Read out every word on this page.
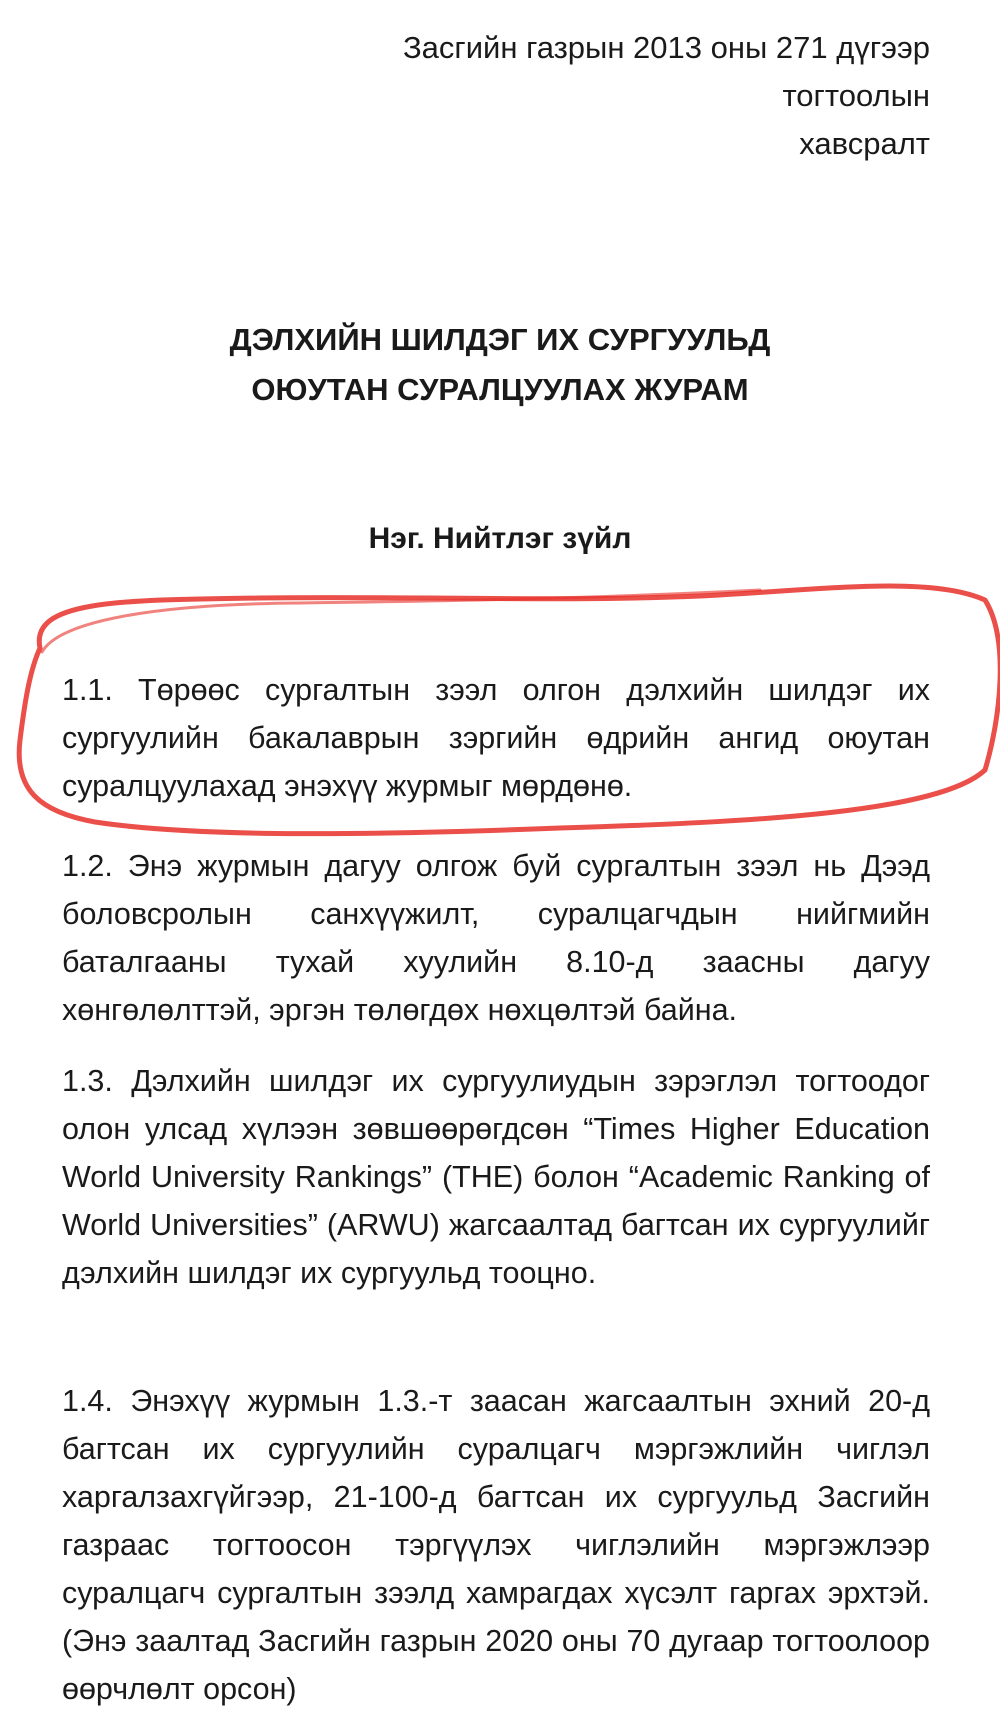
Засгийн газрын 2013 оны 271 дүгээр
тогтоолын
хавсралт
ДЭЛХИЙН ШИЛДЭГ ИХ СУРГУУЛЬД
ОЮУТАН СУРАЛЦУУЛАХ ЖУРАМ
Нэг. Нийтлэг зүйл
1.1. Төрөөс сургалтын зээл олгон дэлхийн шилдэг их сургуулийн бакалаврын зэргийн өдрийн ангид оюутан суралцуулахад энэхүү журмыг мөрдөнө.
1.2. Энэ журмын дагуу олгож буй сургалтын зээл нь Дээд боловсролын санхүүжилт, суралцагчдын нийгмийн баталгааны тухай хуулийн 8.10-д заасны дагуу хөнгөлөлттэй, эргэн төлөгдөх нөхцөлтэй байна.
1.3. Дэлхийн шилдэг их сургуулиудын зэрэглэл тогтоодог олон улсад хүлээн зөвшөөрөгдсөн “Times Higher Education World University Rankings” (THE) болон “Academic Ranking of World Universities” (ARWU) жагсаалтад багтсан их сургуулийг дэлхийн шилдэг их сургуульд тооцно.
1.4. Энэхүү журмын 1.3.-т заасан жагсаалтын эхний 20-д багтсан их сургуулийн суралцагч мэргэжлийн чиглэл харгалзахгүйгээр, 21-100-д багтсан их сургуульд Засгийн газраас тогтоосон тэргүүлэх чиглэлийн мэргэжлээр суралцагч сургалтын зээлд хамрагдах хүсэлт гаргах эрхтэй. (Энэ заалтад Засгийн газрын 2020 оны 70 дугаар тогтоолоор өөрчлөлт орсон)
